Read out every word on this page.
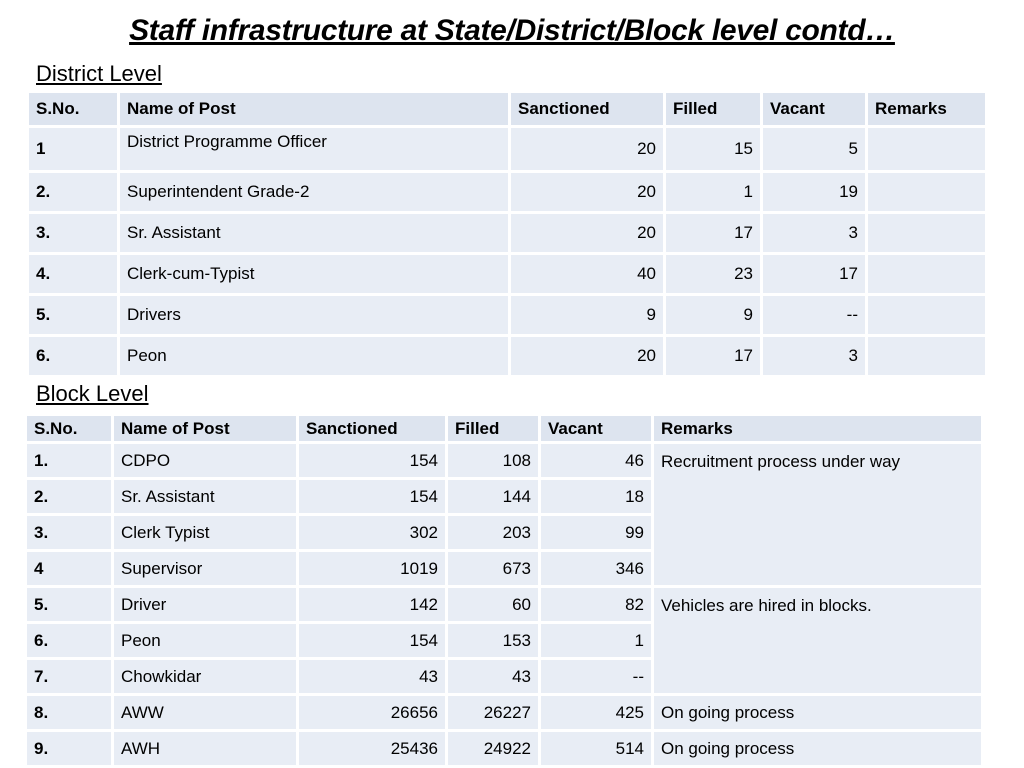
Staff infrastructure at State/District/Block level contd…
District Level
S.No.	Name of Post	Sanctioned	Filled	Vacant	Remarks
1	District Programme Officer	20	15	5	
2.	Superintendent Grade-2	20	1	19	
3.	Sr. Assistant	20	17	3	
4.	Clerk-cum-Typist	40	23	17	
5.	Drivers	9	9	--	
6.	Peon	20	17	3	
Block Level
S.No.	Name of Post	Sanctioned	Filled	Vacant	Remarks
1.	CDPO	154	108	46	Recruitment process under way
2.	Sr. Assistant	154	144	18	
3.	Clerk Typist	302	203	99	
4	Supervisor	1019	673	346	
5.	Driver	142	60	82	Vehicles are hired in blocks.
6.	Peon	154	153	1	
7.	Chowkidar	43	43	--	
8.	AWW	26656	26227	425	On going process
9.	AWH	25436	24922	514	On going process
